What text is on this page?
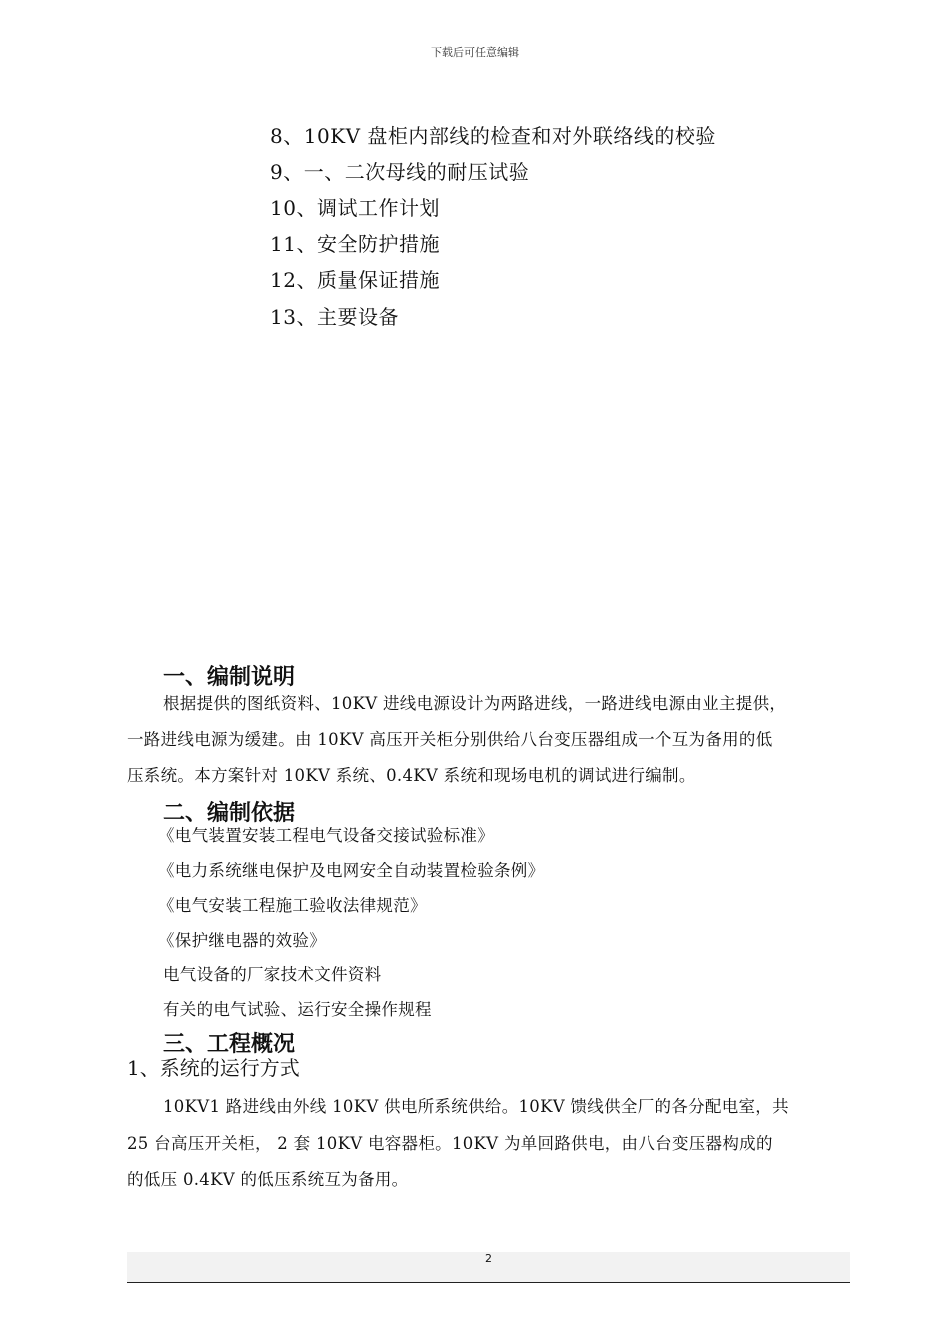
下载后可任意编辑
8、10KV 盘柜内部线的检查和对外联络线的校验
9、一、二次母线的耐压试验
10、调试工作计划
11、安全防护措施
12、质量保证措施
13、主要设备
一、编制说明
根据提供的图纸资料、10KV 进线电源设计为两路进线，一路进线电源由业主提供，
一路进线电源为缓建。由 10KV 高压开关柜分别供给八台变压器组成一个互为备用的低
压系统。本方案针对 10KV 系统、0.4KV 系统和现场电机的调试进行编制。
二、编制依据
《电气装置安装工程电气设备交接试验标准》
《电力系统继电保护及电网安全自动装置检验条例》
《电气安装工程施工验收法律规范》
《保护继电器的效验》
电气设备的厂家技术文件资料
有关的电气试验、运行安全操作规程
三、工程概况
1、系统的运行方式
10KV1 路进线由外线 10KV 供电所系统供给。10KV 馈线供全厂的各分配电室，共
25 台高压开关柜， 2 套 10KV 电容器柜。10KV 为单回路供电，由八台变压器构成的
的低压 0.4KV 的低压系统互为备用。
2
